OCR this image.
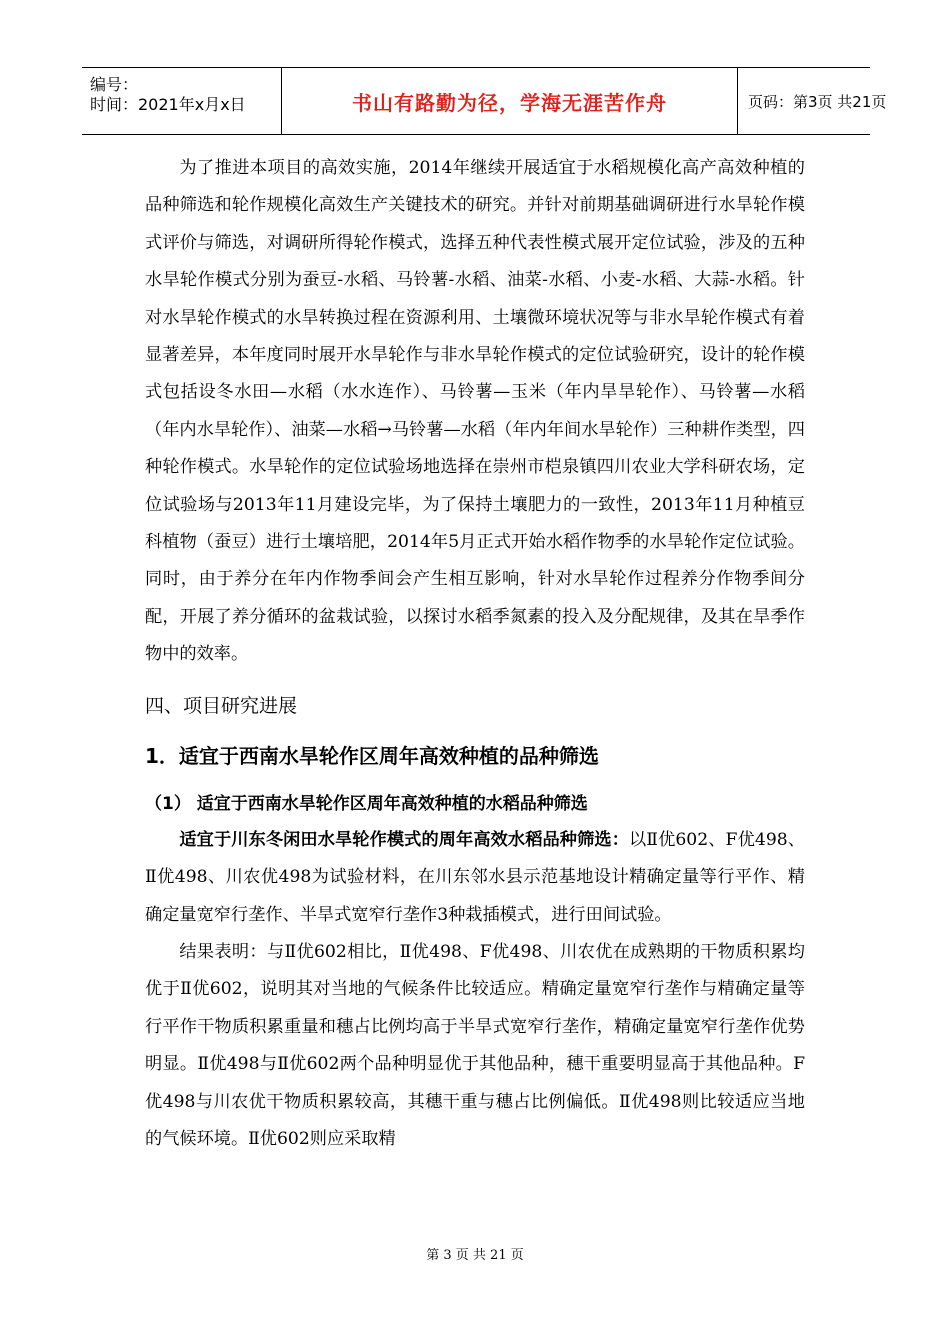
编号：
时间：2021年x月x日	书山有路勤为径，学海无涯苦作舟	页码：第3页 共21页

为了推进本项目的高效实施，2014年继续开展适宜于水稻规模化高产高效种植的品种筛选和轮作规模化高效生产关键技术的研究。并针对前期基础调研进行水旱轮作模式评价与筛选，对调研所得轮作模式，选择五种代表性模式展开定位试验，涉及的五种水旱轮作模式分别为蚕豆-水稻、马铃薯-水稻、油菜-水稻、小麦-水稻、大蒜-水稻。针对水旱轮作模式的水旱转换过程在资源利用、土壤微环境状况等与非水旱轮作模式有着显著差异，本年度同时展开水旱轮作与非水旱轮作模式的定位试验研究，设计的轮作模式包括设冬水田—水稻（水水连作）、马铃薯—玉米（年内旱旱轮作）、马铃薯—水稻（年内水旱轮作）、油菜—水稻→马铃薯—水稻（年内年间水旱轮作）三种耕作类型，四种轮作模式。水旱轮作的定位试验场地选择在崇州市桤泉镇四川农业大学科研农场，定位试验场与2013年11月建设完毕，为了保持土壤肥力的一致性，2013年11月种植豆科植物（蚕豆）进行土壤培肥，2014年5月正式开始水稻作物季的水旱轮作定位试验。同时，由于养分在年内作物季间会产生相互影响，针对水旱轮作过程养分作物季间分配，开展了养分循环的盆栽试验，以探讨水稻季氮素的投入及分配规律，及其在旱季作物中的效率。

四、项目研究进展
1．适宜于西南水旱轮作区周年高效种植的品种筛选
（1） 适宜于西南水旱轮作区周年高效种植的水稻品种筛选

适宜于川东冬闲田水旱轮作模式的周年高效水稻品种筛选：以Ⅱ优602、F优498、Ⅱ优498、川农优498为试验材料，在川东邻水县示范基地设计精确定量等行平作、精确定量宽窄行垄作、半旱式宽窄行垄作3种栽插模式，进行田间试验。

结果表明：与Ⅱ优602相比，Ⅱ优498、F优498、川农优在成熟期的干物质积累均优于Ⅱ优602，说明其对当地的气候条件比较适应。精确定量宽窄行垄作与精确定量等行平作干物质积累重量和穗占比例均高于半旱式宽窄行垄作，精确定量宽窄行垄作优势明显。Ⅱ优498与Ⅱ优602两个品种明显优于其他品种，穗干重要明显高于其他品种。F优498与川农优干物质积累较高，其穗干重与穗占比例偏低。Ⅱ优498则比较适应当地的气候环境。Ⅱ优602则应采取精

第 3 页 共 21 页
